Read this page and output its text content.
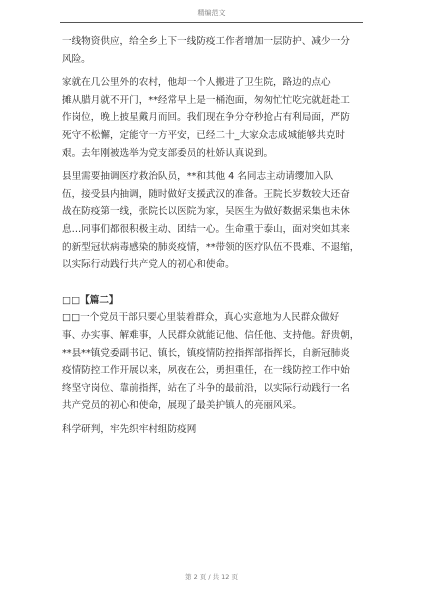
精编范文

一线物资供应，给全乡上下一线防疫工作者增加一层防护、减少一分

风险。

家就在几公里外的农村，他却一个人搬进了卫生院，路边的点心

摊从腊月就不开门，**经常早上是一桶泡面，匆匆忙忙吃完就赶赴工

作岗位，晚上披星戴月而回。我们现在争分夺秒抢占有利局面，严防

死守不松懈，定能守一方平安，已经二十_大家众志成城能够共克时

艰。去年刚被选举为党支部委员的杜娇认真说到。

县里需要抽调医疗救治队员，**和其他 4 名同志主动请缨加入队

伍，接受县内抽调，随时做好支援武汉的准备。王院长岁数较大还奋

战在防疫第一线，张院长以医院为家，吴医生为做好数据采集也未休

息…同事们都很积极主动、团结一心。生命重于泰山，面对突如其来

的新型冠状病毒感染的肺炎疫情，**带领的医疗队伍不畏难、不退缩，

以实际行动践行共产党人的初心和使命。

□□【篇二】

□□一个党员干部只要心里装着群众，真心实意地为人民群众做好

事、办实事、解难事，人民群众就能记他、信任他、支持他。舒贵朝，

**县**镇党委副书记、镇长，镇疫情防控指挥部指挥长，自新冠肺炎

疫情防控工作开展以来，夙夜在公，勇担重任，在一线防控工作中始

终坚守岗位、靠前指挥，站在了斗争的最前沿，以实际行动践行一名

共产党员的初心和使命，展现了最美护镇人的亮丽风采。

科学研判，牢先织牢村组防疫网

第 2 页 / 共 12 页
